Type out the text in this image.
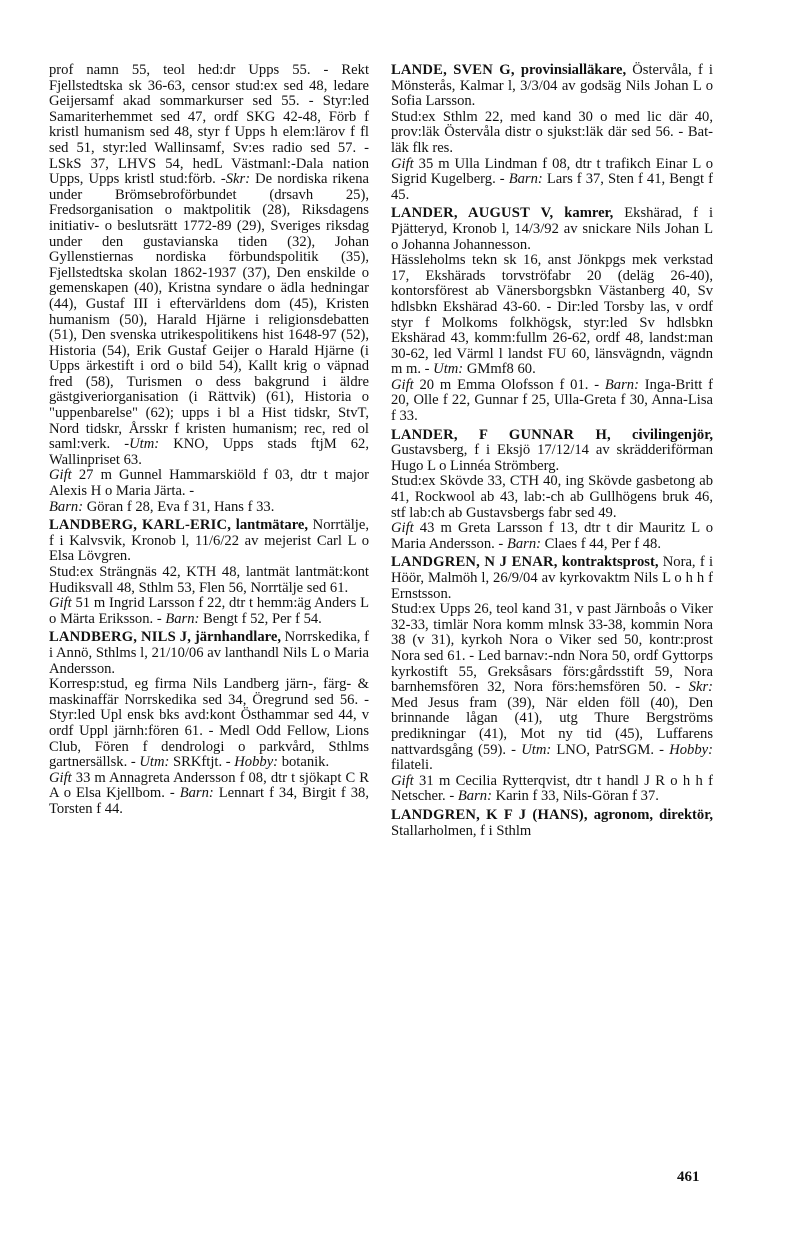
prof namn 55, teol hed:dr Upps 55. - Rekt Fjellstedtska sk 36-63, censor stud:ex sed 48, ledare Geijersamf akad sommarkurser sed 55. - Styr:led Samariterhemmet sed 47, ordf SKG 42-48, Förb f kristl humanism sed 48, styr f Upps h elem:lärov f fl sed 51, styr:led Wallinsamf, Sv:es radio sed 57. - LSkS 37, LHVS 54, hedL Västmanl:-Dala nation Upps, Upps kristl stud:förb. -Skr: De nordiska rikena under Brömsebroförbundet (drsavh 25), Fredsorganisation o maktpolitik (28), Riksdagens initiativ- o beslutsrätt 1772-89 (29), Sveriges riksdag under den gustavianska tiden (32), Johan Gyllenstiernas nordiska förbundspolitik (35), Fjellstedtska skolan 1862-1937 (37), Den enskilde o gemenskapen (40), Kristna syndare o ädla hedningar (44), Gustaf III i eftervärldens dom (45), Kristen humanism (50), Harald Hjärne i religionsdebatten (51), Den svenska utrikespolitikens hist 1648-97 (52), Historia (54), Erik Gustaf Geijer o Harald Hjärne (i Upps ärkestift i ord o bild 54), Kallt krig o väpnad fred (58), Turismen o dess bakgrund i äldre gästgiveriorganisation (i Rättvik) (61), Historia o "uppenbarelse" (62); upps i bl a Hist tidskr, StvT, Nord tidskr, Årsskr f kristen humanism; rec, red ol saml:verk. -Utm: KNO, Upps stads ftjM 62, Wallinpriset 63.
Gift 27 m Gunnel Hammarskiöld f 03, dtr t major Alexis H o Maria Järta. -
Barn: Göran f 28, Eva f 31, Hans f 33.
LANDBERG, KARL-ERIC, lantmätare, Norrtälje, f i Kalvsvik, Kronob l, 11/6/22 av mejerist Carl L o Elsa Lövgren.
Stud:ex Strängnäs 42, KTH 48, lantmät lantmät:kont Hudiksvall 48, Sthlm 53, Flen 56, Norrtälje sed 61.
Gift 51 m Ingrid Larsson f 22, dtr t hemm:äg Anders L o Märta Eriksson. - Barn: Bengt f 52, Per f 54.
LANDBERG, NILS J, järnhandlare, Norrskedika, f i Annö, Sthlms l, 21/10/06 av lanthandl Nils L o Maria Andersson.
Korresp:stud, eg firma Nils Landberg järn-, färg- & maskinaffär Norrskedika sed 34, Öregrund sed 56. - Styr:led Upl ensk bks avd:kont Östhammar sed 44, v ordf Uppl järnh:fören 61. - Medl Odd Fellow, Lions Club, Fören f dendrologi o parkvård, Sthlms gartnersällsk. - Utm: SRKftjt. - Hobby: botanik.
Gift 33 m Annagreta Andersson f 08, dtr t sjökapt C R A o Elsa Kjellbom. - Barn: Lennart f 34, Birgit f 38, Torsten f 44.
LANDE, SVEN G, provinsialläkare, Östervåla, f i Mönsterås, Kalmar l, 3/3/04 av godsäg Nils Johan L o Sofia Larsson.
Stud:ex Sthlm 22, med kand 30 o med lic där 40, prov:läk Östervåla distr o sjukst:läk där sed 56. - Bat-läk flk res.
Gift 35 m Ulla Lindman f 08, dtr t trafikch Einar L o Sigrid Kugelberg. - Barn: Lars f 37, Sten f 41, Bengt f 45.
LANDER, AUGUST V, kamrer, Ekshärad, f i Pjätteryd, Kronob l, 14/3/92 av snickare Nils Johan L o Johanna Johannesson.
Hässleholms tekn sk 16, anst Jönkpgs mek verkstad 17, Ekshärads torvströfabr 20 (deläg 26-40), kontorsförest ab Vänersborgsbkn Västanberg 40, Sv hdlsbkn Ekshärad 43-60. - Dir:led Torsby las, v ordf styr f Molkoms folkhögsk, styr:led Sv hdlsbkn Ekshärad 43, komm:fullm 26-62, ordf 48, landst:man 30-62, led Värml l landst FU 60, länsvägndn, vägndn m m. - Utm: GMmf8 60.
Gift 20 m Emma Olofsson f 01. - Barn: Inga-Britt f 20, Olle f 22, Gunnar f 25, Ulla-Greta f 30, Anna-Lisa f 33.
LANDER, F GUNNAR H, civilingenjör, Gustavsberg, f i Eksjö 17/12/14 av skrädderiförman Hugo L o Linnéa Strömberg.
Stud:ex Skövde 33, CTH 40, ing Skövde gasbetong ab 41, Rockwool ab 43, lab:-ch ab Gullhögens bruk 46, stf lab:ch ab Gustavsbergs fabr sed 49.
Gift 43 m Greta Larsson f 13, dtr t dir Mauritz L o Maria Andersson. - Barn: Claes f 44, Per f 48.
LANDGREN, N J ENAR, kontraktsprost, Nora, f i Höör, Malmöh l, 26/9/04 av kyrkovaktm Nils L o h h f Ernstsson.
Stud:ex Upps 26, teol kand 31, v past Järnboås o Viker 32-33, timlär Nora komm mlnsk 33-38, kommin Nora 38 (v 31), kyrkoh Nora o Viker sed 50, kontr:prost Nora sed 61. - Led barnav:-ndn Nora 50, ordf Gyttorps kyrkostift 55, Greksåsars förs:gårdsstift 59, Nora barnhemsfören 32, Nora förs:hemsfören 50. - Skr: Med Jesus fram (39), När elden föll (40), Den brinnande lågan (41), utg Thure Bergströms predikningar (41), Mot ny tid (45), Luffarens nattvardsgång (59). - Utm: LNO, PatrSGM. - Hobby: filateli.
Gift 31 m Cecilia Rytterqvist, dtr t handl J R o h h f Netscher. - Barn: Karin f 33, Nils-Göran f 37.
LANDGREN, K F J (HANS), agronom, direktör, Stallarholmen, f i Sthlm
461
